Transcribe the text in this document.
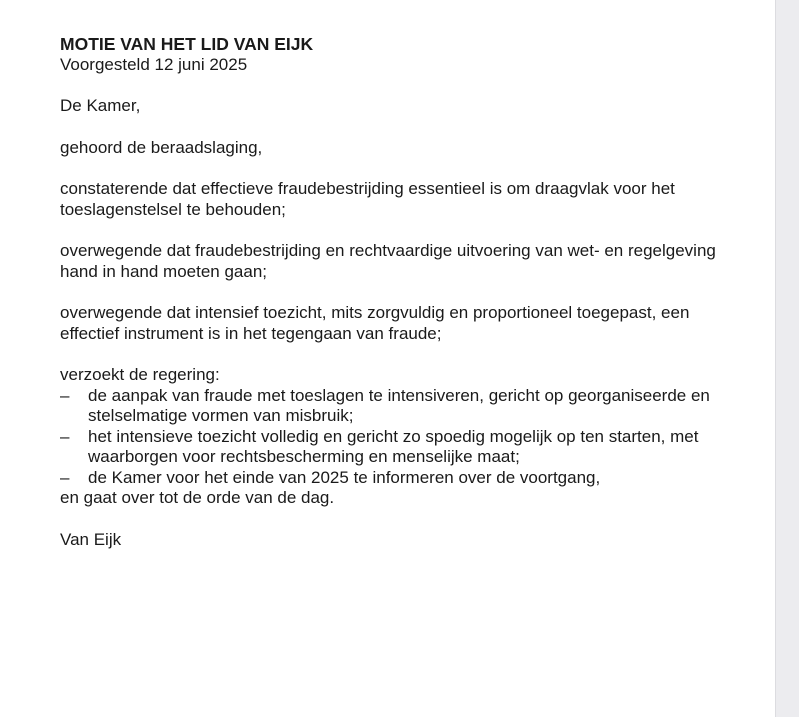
MOTIE VAN HET LID VAN EIJK

Voorgesteld 12 juni 2025

De Kamer,

gehoord de beraadslaging,

constaterende dat effectieve fraudebestrijding essentieel is om draagvlak voor het toeslagenstelsel te behouden;

overwegende dat fraudebestrijding en rechtvaardige uitvoering van wet- en regelgeving hand in hand moeten gaan;

overwegende dat intensief toezicht, mits zorgvuldig en proportioneel toegepast, een effectief instrument is in het tegengaan van fraude;

verzoekt de regering:

– de aanpak van fraude met toeslagen te intensiveren, gericht op georganiseerde en stelselmatige vormen van misbruik;
– het intensieve toezicht volledig en gericht zo spoedig mogelijk op ten starten, met waarborgen voor rechtsbescherming en menselijke maat;
– de Kamer voor het einde van 2025 te informeren over de voortgang,

en gaat over tot de orde van de dag.

Van Eijk
